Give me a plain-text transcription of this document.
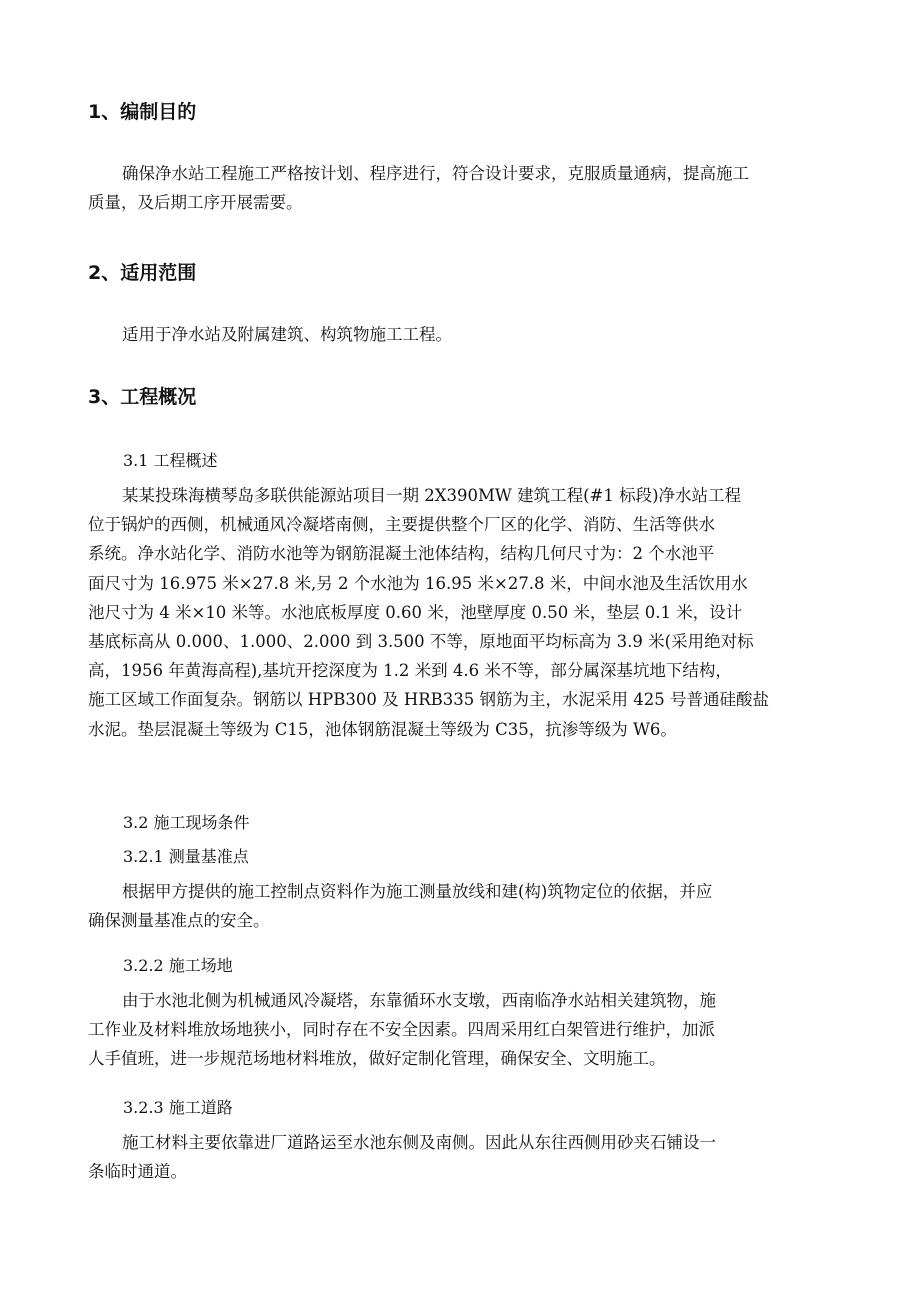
1、编制目的
确保净水站工程施工严格按计划、程序进行，符合设计要求，克服质量通病，提高施工
质量，及后期工序开展需要。
2、适用范围
适用于净水站及附属建筑、构筑物施工工程。
3、工程概况
3.1 工程概述
某某投珠海横琴岛多联供能源站项目一期 2X390MW 建筑工程(#1 标段)净水站工程
位于锅炉的西侧，机械通风冷凝塔南侧，主要提供整个厂区的化学、消防、生活等供水
系统。净水站化学、消防水池等为钢筋混凝土池体结构，结构几何尺寸为：2 个水池平
面尺寸为 16.975 米×27.8 米,另 2 个水池为 16.95 米×27.8 米，中间水池及生活饮用水
池尺寸为 4 米×10 米等。水池底板厚度 0.60 米，池壁厚度 0.50 米，垫层 0.1 米，设计
基底标高从 0.000、1.000、2.000 到 3.500 不等，原地面平均标高为 3.9 米(采用绝对标
高，1956 年黄海高程),基坑开挖深度为 1.2 米到 4.6 米不等，部分属深基坑地下结构，
施工区域工作面复杂。钢筋以 HPB300 及 HRB335 钢筋为主，水泥采用 425 号普通硅酸盐
水泥。垫层混凝土等级为 C15，池体钢筋混凝土等级为 C35，抗渗等级为 W6。
3.2 施工现场条件
3.2.1 测量基准点
根据甲方提供的施工控制点资料作为施工测量放线和建(构)筑物定位的依据，并应
确保测量基准点的安全。
3.2.2 施工场地
由于水池北侧为机械通风冷凝塔，东靠循环水支墩，西南临净水站相关建筑物，施
工作业及材料堆放场地狭小，同时存在不安全因素。四周采用红白架管进行维护，加派
人手值班，进一步规范场地材料堆放，做好定制化管理，确保安全、文明施工。
3.2.3 施工道路
施工材料主要依靠进厂道路运至水池东侧及南侧。因此从东往西侧用砂夹石铺设一
条临时通道。
